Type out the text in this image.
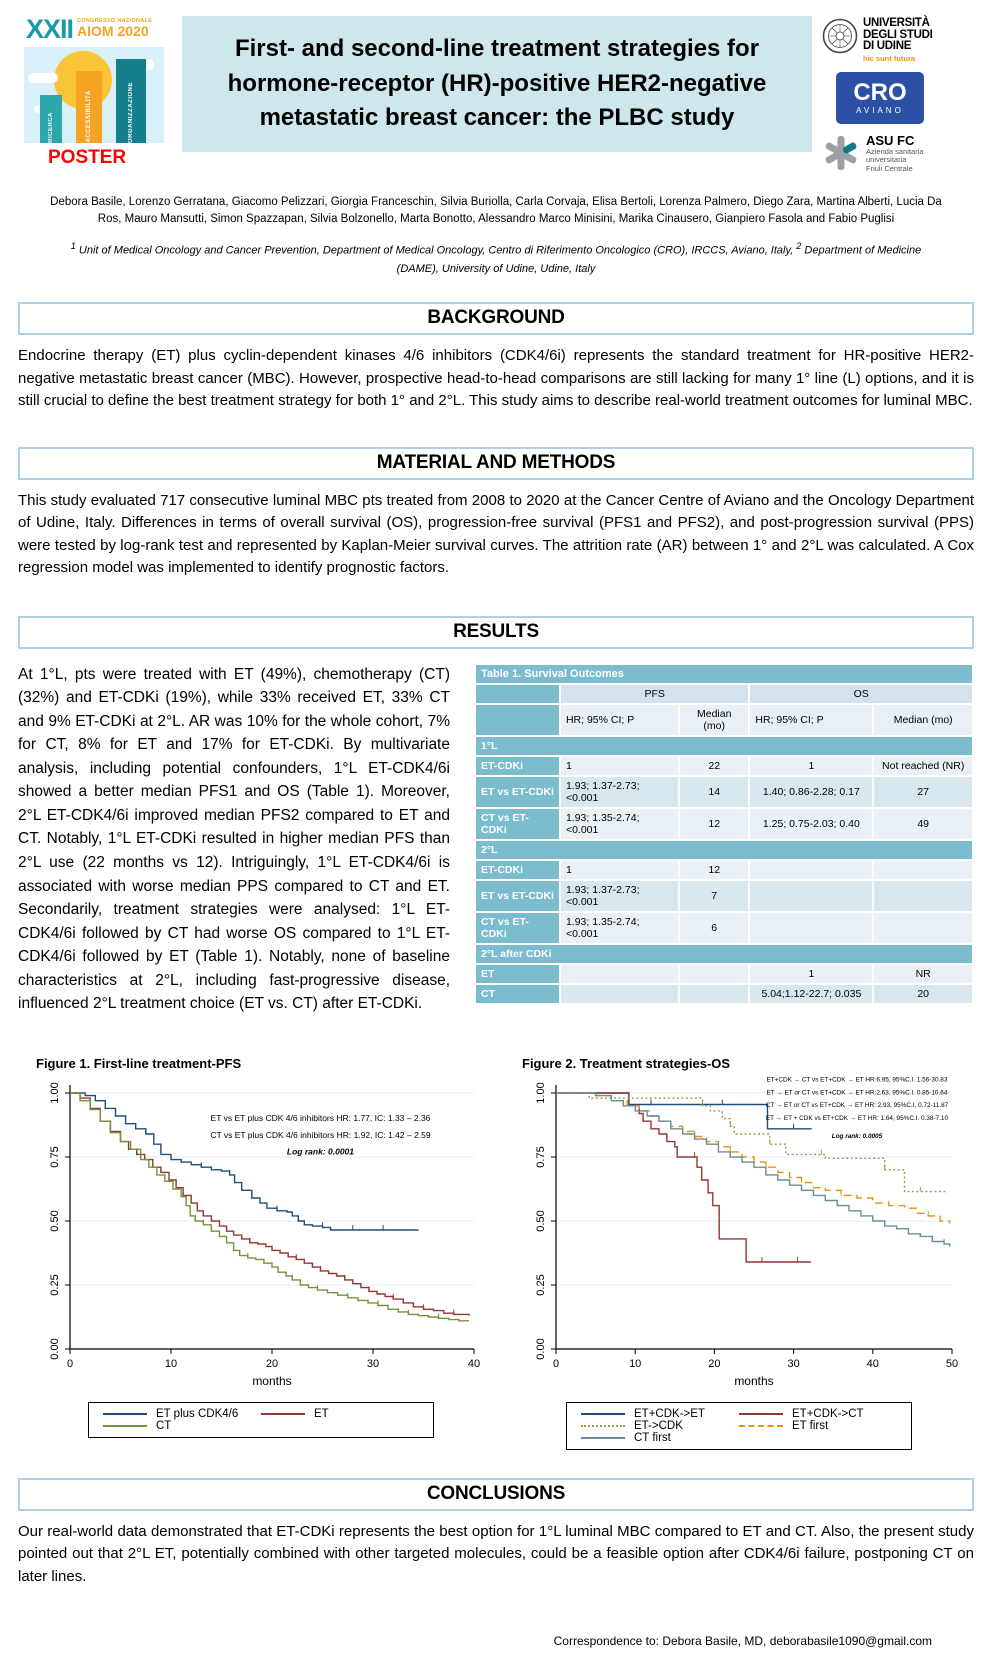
XXII CONGRESSO NAZIONALE
AIOM 2020
RICERCA	ACCESSIBILITÀ	ORGANIZZAZIONE
POSTER
First- and second-line treatment strategies for hormone-receptor (HR)-positive HER2-negative metastatic breast cancer: the PLBC study
UNIVERSITÀ
DEGLI STUDI
DI UDINE
hic sunt futura
CRO
AVIANO
ASU FC
Azienda sanitaria
universitaria
Friuli Centrale
Debora Basile, Lorenzo Gerratana, Giacomo Pelizzari, Giorgia Franceschin, Silvia Buriolla, Carla Corvaja, Elisa Bertoli, Lorenza Palmero, Diego Zara, Martina Alberti, Lucia Da Ros, Mauro Mansutti, Simon Spazzapan, Silvia Bolzonello, Marta Bonotto, Alessandro Marco Minisini, Marika Cinausero, Gianpiero Fasola and Fabio Puglisi
$^1$ Unit of Medical Oncology and Cancer Prevention, Department of Medical Oncology, Centro di Riferimento Oncologico (CRO), IRCCS, Aviano, Italy, $^2$ Department of Medicine (DAME), University of Udine, Udine, Italy
BACKGROUND

Endocrine therapy (ET) plus cyclin-dependent kinases 4/6 inhibitors (CDK4/6i) represents the standard treatment for HR-positive HER2-negative metastatic breast cancer (MBC). However, prospective head-to-head comparisons are still lacking for many 1° line (L) options, and it is still crucial to define the best treatment strategy for both 1° and 2°L. This study aims to describe real-world treatment outcomes for luminal MBC.

MATERIAL AND METHODS

This study evaluated 717 consecutive luminal MBC pts treated from 2008 to 2020 at the Cancer Centre of Aviano and the Oncology Department of Udine, Italy. Differences in terms of overall survival (OS), progression-free survival (PFS1 and PFS2), and post-progression survival (PPS) were tested by log-rank test and represented by Kaplan-Meier survival curves. The attrition rate (AR) between 1° and 2°L was calculated. A Cox regression model was implemented to identify prognostic factors.

RESULTS
At 1°L, pts were treated with ET (49%), chemotherapy (CT) (32%) and ET-CDKi (19%), while 33% received ET, 33% CT and 9% ET-CDKi at 2°L. AR was 10% for the whole cohort, 7% for CT, 8% for ET and 17% for ET-CDKi. By multivariate analysis, including potential confounders, 1°L ET-CDK4/6i showed a better median PFS1 and OS (Table 1). Moreover, 2°L ET-CDK4/6i improved median PFS2 compared to ET and CT. Notably, 1°L ET-CDKi resulted in higher median PFS than 2°L use (22 months vs 12). Intriguingly, 1°L ET-CDK4/6i is associated with worse median PPS compared to CT and ET. Secondarily, treatment strategies were analysed: 1°L ET-CDK4/6i followed by CT had worse OS compared to 1°L ET-CDK4/6i followed by ET (Table 1). Notably, none of baseline characteristics at 2°L, including fast-progressive disease, influenced 2°L treatment choice (ET vs. CT) after ET-CDKi.
Table 1. Survival Outcomes				
	PFS		OS	
	HR; 95% CI; P	Median (mo)	HR; 95% CI; P	Median (mo)
1°L				
ET-CDKi	1	22	1	Not reached (NR)
ET vs ET-CDKi	1.93; 1.37-2.73; <0.001	14	1.40; 0.86-2.28; 0.17	27
CT vs ET-CDKi	1.93; 1.35-2.74; <0.001	12	1.25; 0.75-2.03; 0.40	49
2°L				
ET-CDKi	1	12		
ET vs ET-CDKi	1.93; 1.37-2.73; <0.001	7		
CT vs ET-CDKi	1.93; 1.35-2.74; <0.001	6		
2°L after CDKi				
ET			1	NR
CT			5.04;1.12-22.7; 0.035	20
Figure 1. First-line treatment-PFS
0.00
0.25
0.50
0.75
1.00
0	10	20	30	40
months
ET vs ET plus CDK 4/6 inhibitors HR: 1.77, IC: 1.33 – 2.36
CT vs ET plus CDK 4/6 inhibitors HR: 1.92, IC: 1.42 – 2.59
Log rank: 0.0001
ET plus CDK4/6	ET
CT
Figure 2. Treatment strategies-OS
0.00
0.25
0.50
0.75
1.00
0	10	20	30	40	50
months
ET+CDK → CT vs ET+CDK → ET HR:6.95, 95%C.I. 1.56-30.83
ET → ET or CT vs ET+CDK → ET HR:2.63, 95%C.I. 0.85-10.64
CT → ET or CT vs ET+CDK → ET HR: 2.93, 95%C.I. 0.72-11.87
ET → ET + CDK vs ET+CDK → ET HR: 1.64, 95%C.I. 0.38-7.10
Log rank: 0.0005
ET+CDK->ET	ET+CDK->CT
ET->CDK	ET first
CT first
CONCLUSIONS

Our real-world data demonstrated that ET-CDKi represents the best option for 1°L luminal MBC compared to ET and CT. Also, the present study pointed out that 2°L ET, potentially combined with other targeted molecules, could be a feasible option after CDK4/6i failure, postponing CT on later lines.

Correspondence to: Debora Basile, MD, deborabasile1090@gmail.com
